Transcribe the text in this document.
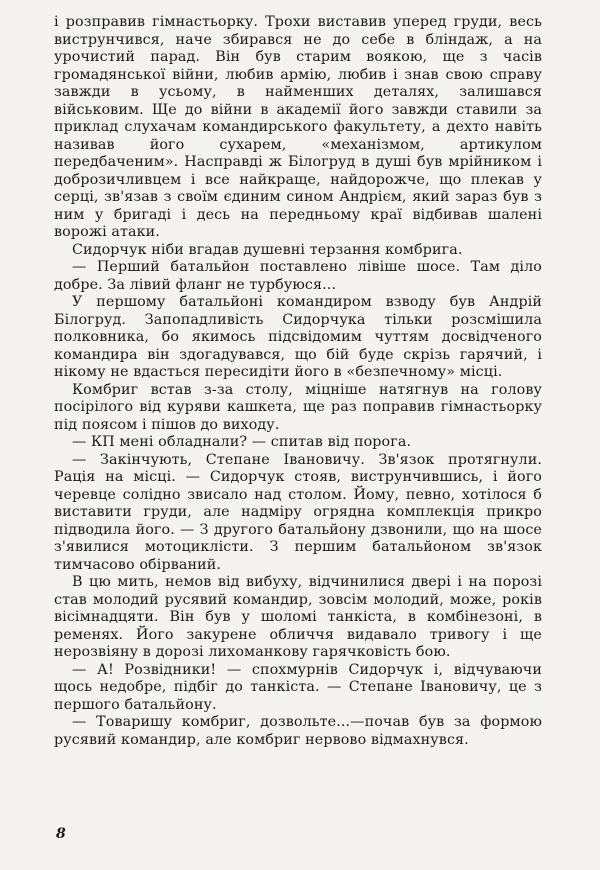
і розправив гімнастьорку. Трохи виставив уперед груди, весь виструнчився, наче збирався не до себе в бліндаж, а на урочистий парад. Він був старим воякою, ще з часів громадянської війни, любив армію, любив і знав свою справу завжди в усьому, в найменших деталях, залишався військовим. Ще до війни в академії його завжди ставили за приклад слухачам командирського факультету, а дехто навіть називав його сухарем, «механізмом, артикулом передбаченим». Насправді ж Білогруд в душі був мрійником і доброзичливцем і все найкраще, найдорожче, що плекав у серці, зв'язав з своїм єдиним сином Андрієм, який зараз був з ним у бригаді і десь на передньому краї відбивав шалені ворожі атаки.

Сидорчук ніби вгадав душевні терзання комбрига.

— Перший батальйон поставлено лівіше шосе. Там діло добре. За лівий фланг не турбуюся...

У першому батальйоні командиром взводу був Андрій Білогруд. Запопадливість Сидорчука тільки розсмішила полковника, бо якимось підсвідомим чуттям досвідченого командира він здогадувався, що бій буде скрізь гарячий, і нікому не вдасться пересидіти його в «безпечному» місці.

Комбриг встав з-за столу, міцніше натягнув на голову посірілого від куряви кашкета, ще раз поправив гімнастьорку під поясом і пішов до виходу.

— КП мені обладнали? — спитав від порога.

— Закінчують, Степане Івановичу. Зв'язок протягнули. Рація на місці. — Сидорчук стояв, виструнчившись, і його черевце солідно звисало над столом. Йому, певно, хотілося б виставити груди, але надміру огрядна комплекція прикро підводила його. — З другого батальйону дзвонили, що на шосе з'явилися мотоциклісти. З першим батальйоном зв'язок тимчасово обірваний.

В цю мить, немов від вибуху, відчинилися двері і на порозі став молодий русявий командир, зовсім молодий, може, років вісімнадцяти. Він був у шоломі танкіста, в комбінезоні, в ременях. Його закурене обличчя видавало тривогу і ще нерозвіяну в дорозі лихоманкову гарячковість бою.

— А! Розвідники! — спохмурнів Сидорчук і, відчуваючи щось недобре, підбіг до танкіста. — Степане Івановичу, це з першого батальйону.

— Товаришу комбриг, дозвольте...—почав був за формою русявий командир, але комбриг нервово відмахнувся.

8
